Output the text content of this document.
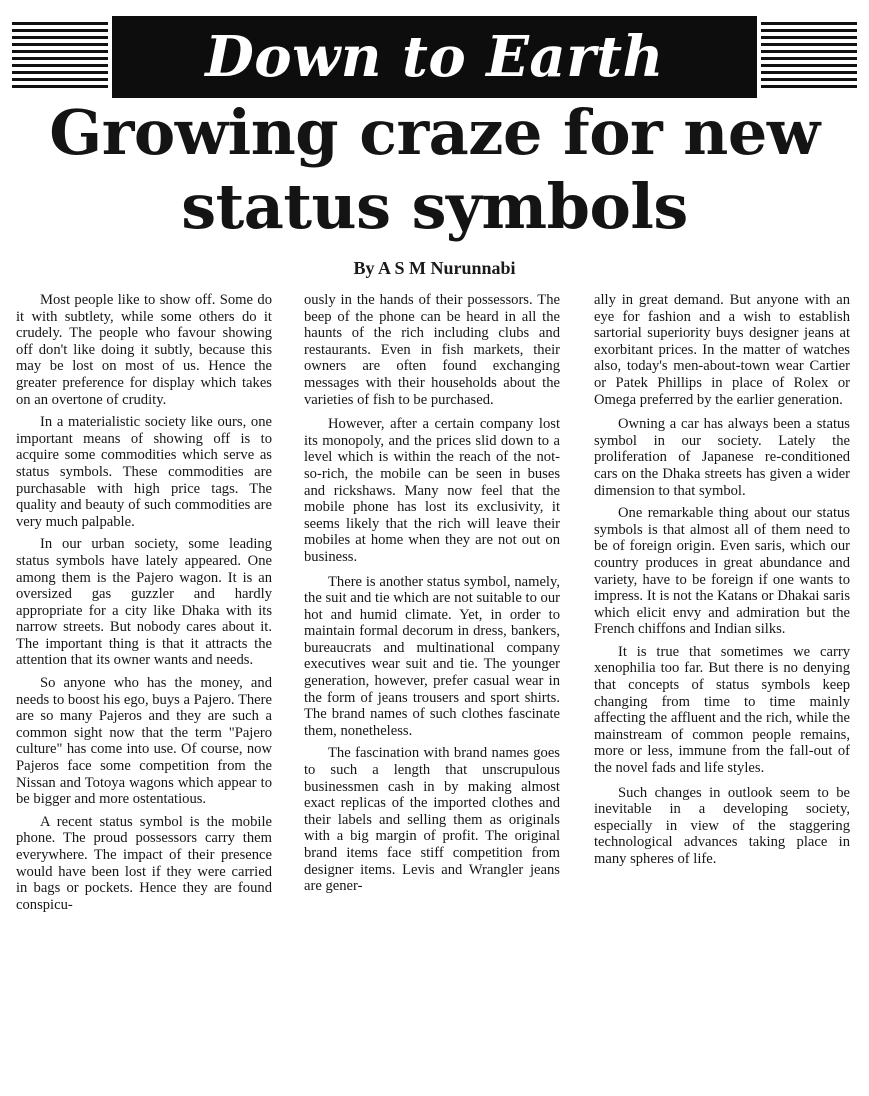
Down to Earth
Growing craze for new status symbols
By A S M Nurunnabi

Most people like to show off. Some do it with subtlety, while some others do it crudely. The people who favour showing off don't like doing it subtly, because this may be lost on most of us. Hence the greater preference for display which takes on an overtone of crudity.

In a materialistic society like ours, one important means of showing off is to acquire some commodities which serve as status symbols. These commodities are purchasable with high price tags. The quality and beauty of such commodities are very much palpable.

In our urban society, some leading status symbols have lately appeared. One among them is the Pajero wagon. It is an oversized gas guzzler and hardly appropriate for a city like Dhaka with its narrow streets. But nobody cares about it. The important thing is that it attracts the attention that its owner wants and needs.

So anyone who has the money, and needs to boost his ego, buys a Pajero. There are so many Pajeros and they are such a common sight now that the term "Pajero culture" has come into use. Of course, now Pajeros face some competition from the Nissan and Totoya wagons which appear to be bigger and more ostentatious.

A recent status symbol is the mobile phone. The proud possessors carry them everywhere. The impact of their presence would have been lost if they were carried in bags or pockets. Hence they are found conspicu-

ously in the hands of their possessors. The beep of the phone can be heard in all the haunts of the rich including clubs and restaurants. Even in fish markets, their owners are often found exchanging messages with their households about the varieties of fish to be purchased.

However, after a certain company lost its monopoly, and the prices slid down to a level which is within the reach of the not-so-rich, the mobile can be seen in buses and rickshaws. Many now feel that the mobile phone has lost its exclusivity, it seems likely that the rich will leave their mobiles at home when they are not out on business.

There is another status symbol, namely, the suit and tie which are not suitable to our hot and humid climate. Yet, in order to maintain formal decorum in dress, bankers, bureaucrats and multinational company executives wear suit and tie. The younger generation, however, prefer casual wear in the form of jeans trousers and sport shirts. The brand names of such clothes fascinate them, nonetheless.

The fascination with brand names goes to such a length that unscrupulous businessmen cash in by making almost exact replicas of the imported clothes and their labels and selling them as originals with a big margin of profit. The original brand items face stiff competition from designer items. Levis and Wrangler jeans are gener-

ally in great demand. But anyone with an eye for fashion and a wish to establish sartorial superiority buys designer jeans at exorbitant prices. In the matter of watches also, today's men-about-town wear Cartier or Patek Phillips in place of Rolex or Omega preferred by the earlier generation.

Owning a car has always been a status symbol in our society. Lately the proliferation of Japanese re-conditioned cars on the Dhaka streets has given a wider dimension to that symbol.

One remarkable thing about our status symbols is that almost all of them need to be of foreign origin. Even saris, which our country produces in great abundance and variety, have to be foreign if one wants to impress. It is not the Katans or Dhakai saris which elicit envy and admiration but the French chiffons and Indian silks.

It is true that sometimes we carry xenophilia too far. But there is no denying that concepts of status symbols keep changing from time to time mainly affecting the affluent and the rich, while the mainstream of common people remains, more or less, immune from the fall-out of the novel fads and life styles.

Such changes in outlook seem to be inevitable in a developing society, especially in view of the staggering technological advances taking place in many spheres of life.
